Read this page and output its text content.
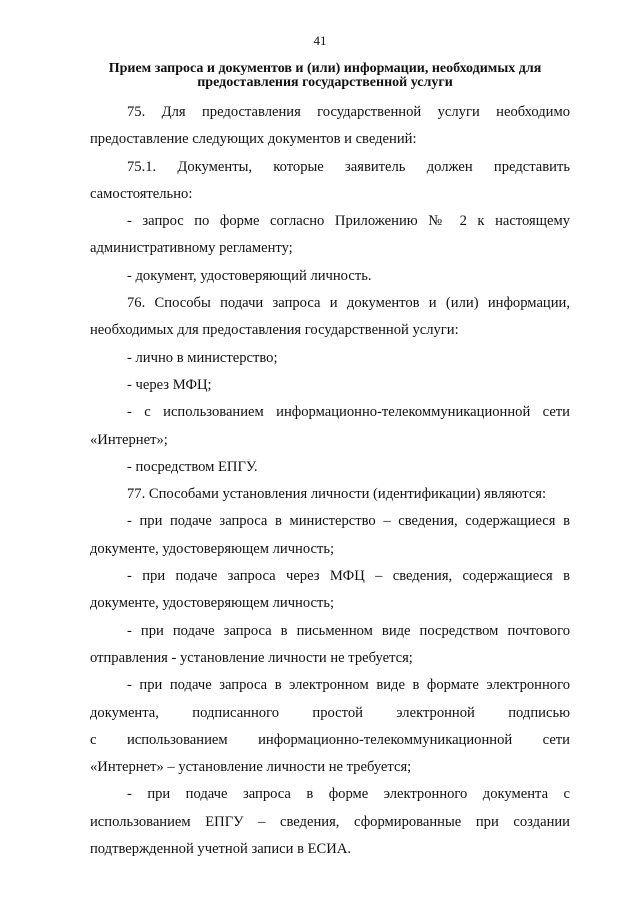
41
Прием запроса и документов и (или) информации, необходимых для
предоставления государственной услуги

75. Для предоставления государственной услуги необходимо предоставление следующих документов и сведений:

75.1. Документы, которые заявитель должен представить самостоятельно:

- запрос по форме согласно Приложению № 2 к настоящему административному регламенту;

- документ, удостоверяющий личность.

76. Способы подачи запроса и документов и (или) информации, необходимых для предоставления государственной услуги:

- лично в министерство;

- через МФЦ;

- с использованием информационно-телекоммуникационной сети «Интернет»;

- посредством ЕПГУ.

77. Способами установления личности (идентификации) являются:

- при подаче запроса в министерство – сведения, содержащиеся в документе, удостоверяющем личность;

- при подаче запроса через МФЦ – сведения, содержащиеся в документе, удостоверяющем личность;

- при подаче запроса в письменном виде посредством почтового отправления - установление личности не требуется;

- при подаче запроса в электронном виде в формате электронного

документа, подписанного простой электронной подписью

с использованием информационно-телекоммуникационной сети

«Интернет» – установление личности не требуется;

- при подаче запроса в форме электронного документа с использованием ЕПГУ – сведения, сформированные при создании подтвержденной учетной записи в ЕСИА.
